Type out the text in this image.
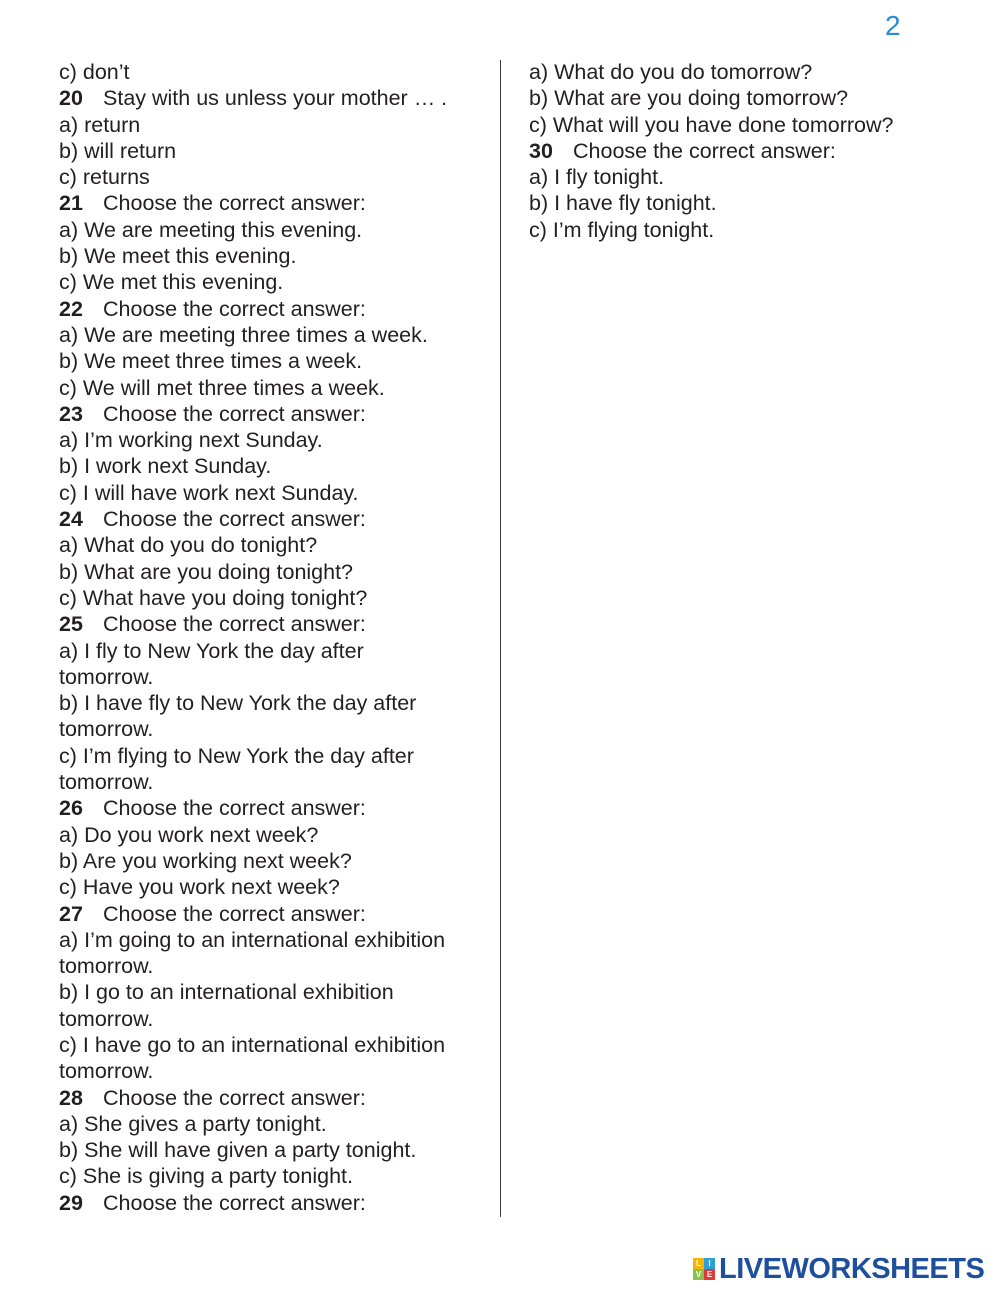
2
c) don’t
20 Stay with us unless your mother … .
a) return
b) will return
c) returns
21 Choose the correct answer:
a) We are meeting this evening.
b) We meet this evening.
c) We met this evening.
22 Choose the correct answer:
a) We are meeting three times a week.
b) We meet three times a week.
c) We will met three times a week.
23 Choose the correct answer:
a) I’m working next Sunday.
b) I work next Sunday.
c) I will have work next Sunday.
24 Choose the correct answer:
a) What do you do tonight?
b) What are you doing tonight?
c) What have you doing tonight?
25 Choose the correct answer:
a) I fly to New York the day after
tomorrow.
b) I have fly to New York the day after
tomorrow.
c) I’m flying to New York the day after
tomorrow.
26 Choose the correct answer:
a) Do you work next week?
b) Are you working next week?
c) Have you work next week?
27 Choose the correct answer:
a) I’m going to an international exhibition
tomorrow.
b) I go to an international exhibition
tomorrow.
c) I have go to an international exhibition
tomorrow.
28 Choose the correct answer:
a) She gives a party tonight.
b) She will have given a party tonight.
c) She is giving a party tonight.
29 Choose the correct answer:
a) What do you do tomorrow?
b) What are you doing tomorrow?
c) What will you have done tomorrow?
30 Choose the correct answer:
a) I fly tonight.
b) I have fly tonight.
c) I’m flying tonight.
L I
V E LIVEWORKSHEETS
